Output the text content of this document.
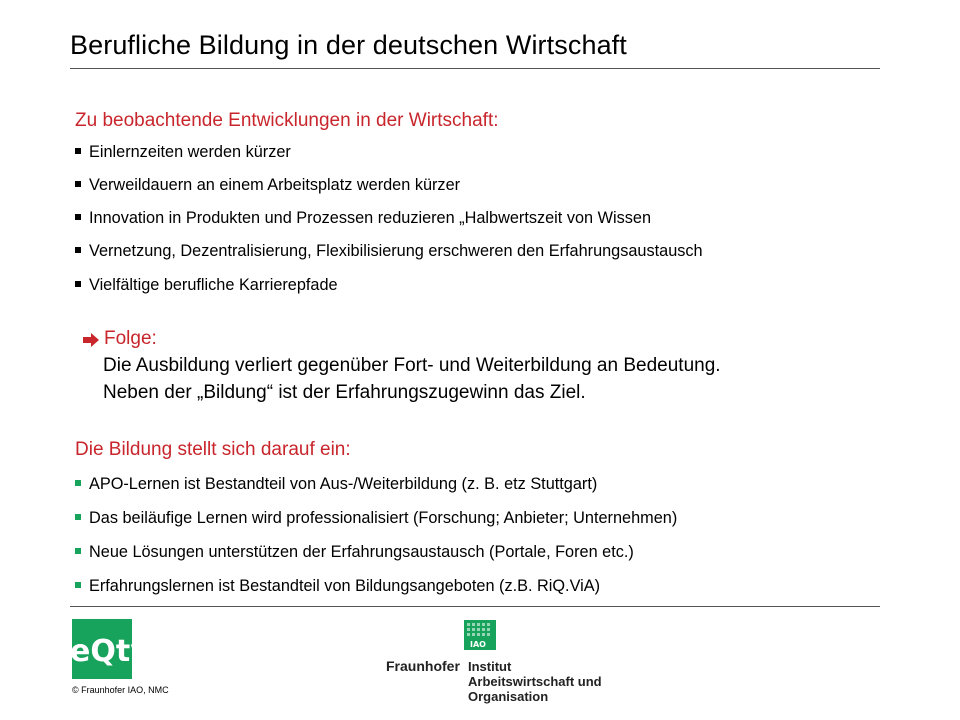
Berufliche Bildung in der deutschen Wirtschaft
Zu beobachtende Entwicklungen in der Wirtschaft:
Einlernzeiten werden kürzer
Verweildauern an einem Arbeitsplatz werden kürzer
Innovation in Produkten und Prozessen reduzieren „Halbwertszeit von Wissen
Vernetzung, Dezentralisierung, Flexibilisierung erschweren den Erfahrungsaustausch
Vielfältige berufliche Karrierepfade
Folge:
Die Ausbildung verliert gegenüber Fort- und Weiterbildung an Bedeutung.
Neben der „Bildung“ ist der Erfahrungszugewinn das Ziel.
Die Bildung stellt sich darauf ein:
APO-Lernen ist Bestandteil von Aus-/Weiterbildung (z. B. etz Stuttgart)
Das beiläufige Lernen wird professionalisiert (Forschung; Anbieter; Unternehmen)
Neue Lösungen unterstützen der Erfahrungsaustausch (Portale, Foren etc.)
Erfahrungslernen ist Bestandteil von Bildungsangeboten (z.B. RiQ.ViA)
eQtv
© Fraunhofer IAO, NMC
Fraunhofer
IAO
Institut
Arbeitswirtschaft und
Organisation
